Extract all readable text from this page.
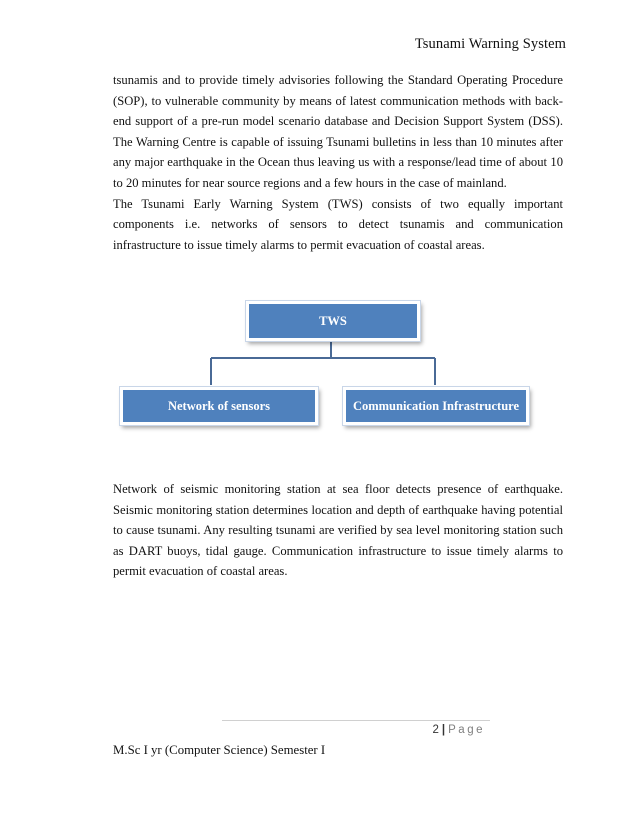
Tsunami Warning System
tsunamis and to provide timely advisories following the Standard Operating Procedure (SOP), to vulnerable community by means of latest communication methods with back-end support of a pre-run model scenario database and Decision Support System (DSS). The Warning Centre is capable of issuing Tsunami bulletins in less than 10 minutes after any major earthquake in the Ocean thus leaving us with a response/lead time of about 10 to 20 minutes for near source regions and a few hours in the case of mainland.
The Tsunami Early Warning System (TWS) consists of two equally important components i.e. networks of sensors to detect tsunamis and communication infrastructure to issue timely alarms to permit evacuation of coastal areas.
TWS
Network of sensors	Communication Infrastructure
Network of seismic monitoring station at sea floor detects presence of earthquake. Seismic monitoring station determines location and depth of earthquake having potential to cause tsunami. Any resulting tsunami are verified by sea level monitoring station such as DART buoys, tidal gauge. Communication infrastructure to issue timely alarms to permit evacuation of coastal areas.
2 | Page
M.Sc I yr (Computer Science) Semester I
